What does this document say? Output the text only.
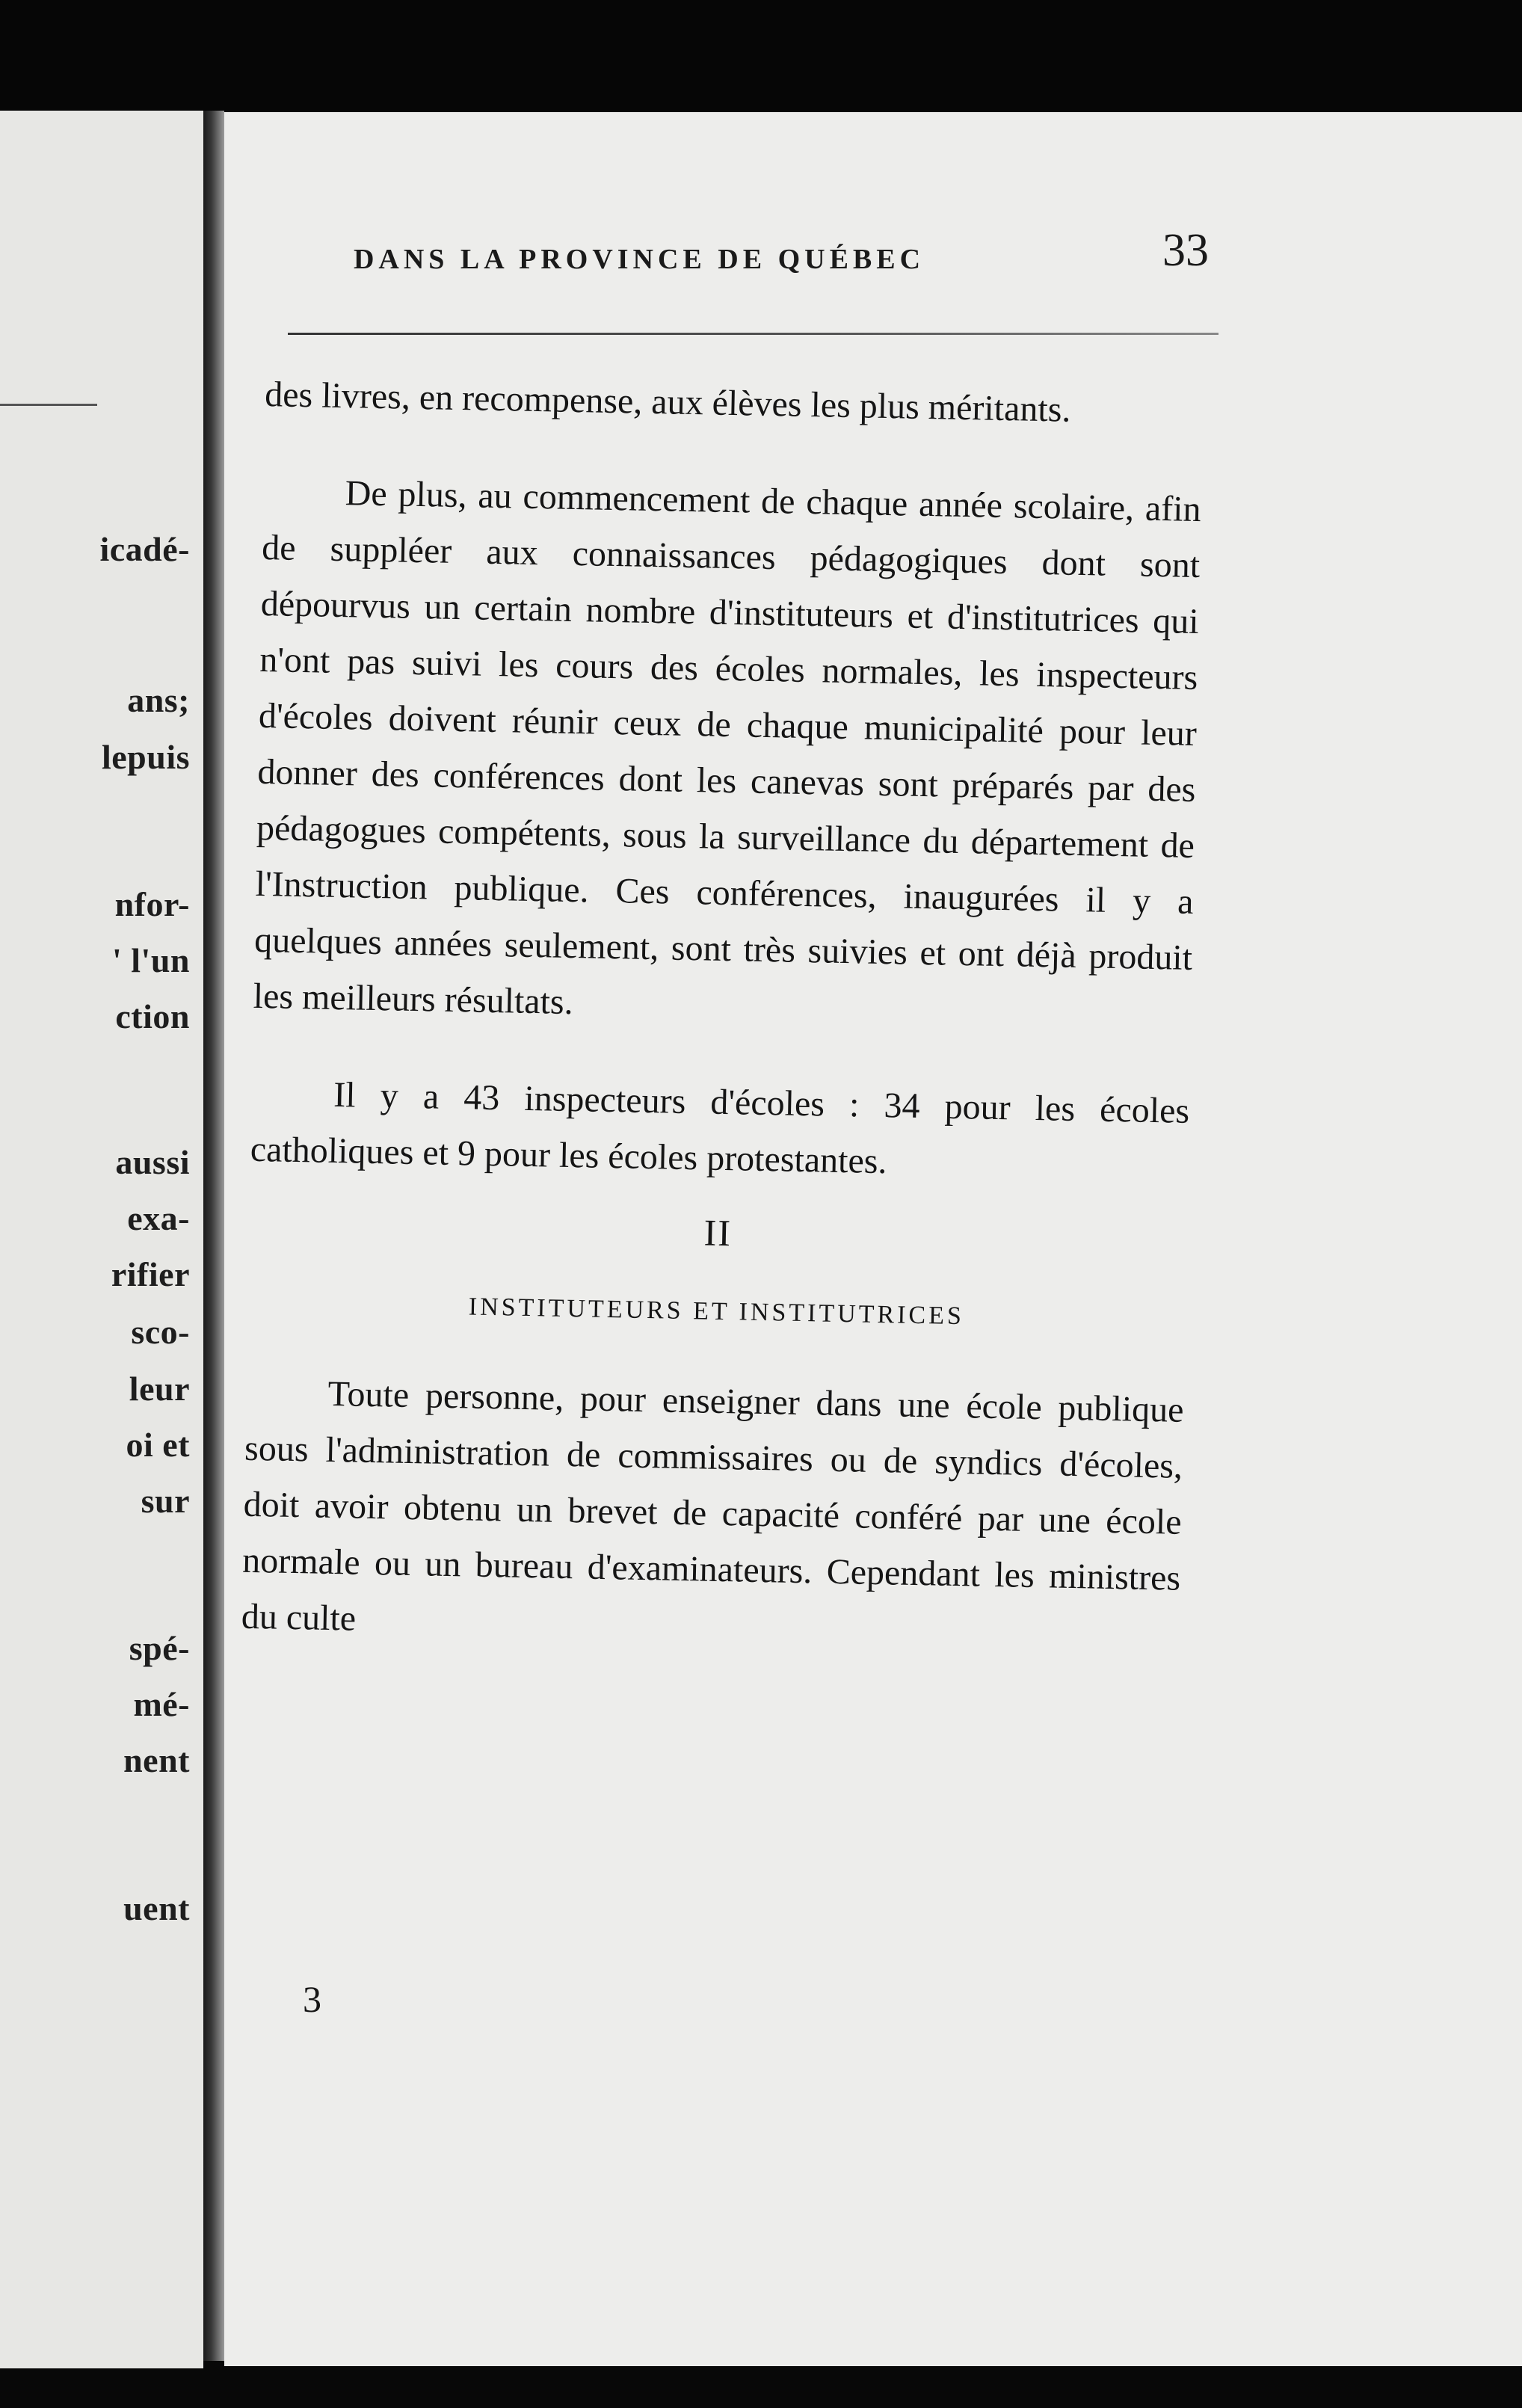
icadé-
ans;
lepuis
nfor-
' l'un
ction
aussi
exa-
rifier
sco-
leur
oi et
sur
spé-
mé-
nent
uent
DANS LA PROVINCE DE QUÉBEC	33

des livres, en recompense, aux élèves les plus méritants.

De plus, au commencement de chaque année scolaire, afin de suppléer aux connaissances pédagogiques dont sont dépourvus un certain nombre d'instituteurs et d'institutrices qui n'ont pas suivi les cours des écoles normales, les inspecteurs d'écoles doivent réunir ceux de chaque municipalité pour leur donner des conférences dont les canevas sont préparés par des pédagogues compétents, sous la surveillance du département de l'Instruction publique. Ces conférences, inaugurées il y a quelques années seulement, sont très suivies et ont déjà produit les meilleurs résultats.

Il y a 43 inspecteurs d'écoles : 34 pour les écoles catholiques et 9 pour les écoles protestantes.

II
INSTITUTEURS ET INSTITUTRICES

Toute personne, pour enseigner dans une école publique sous l'administration de commissaires ou de syndics d'écoles, doit avoir obtenu un brevet de capacité conféré par une école normale ou un bureau d'examinateurs. Cependant les ministres du culte

3
